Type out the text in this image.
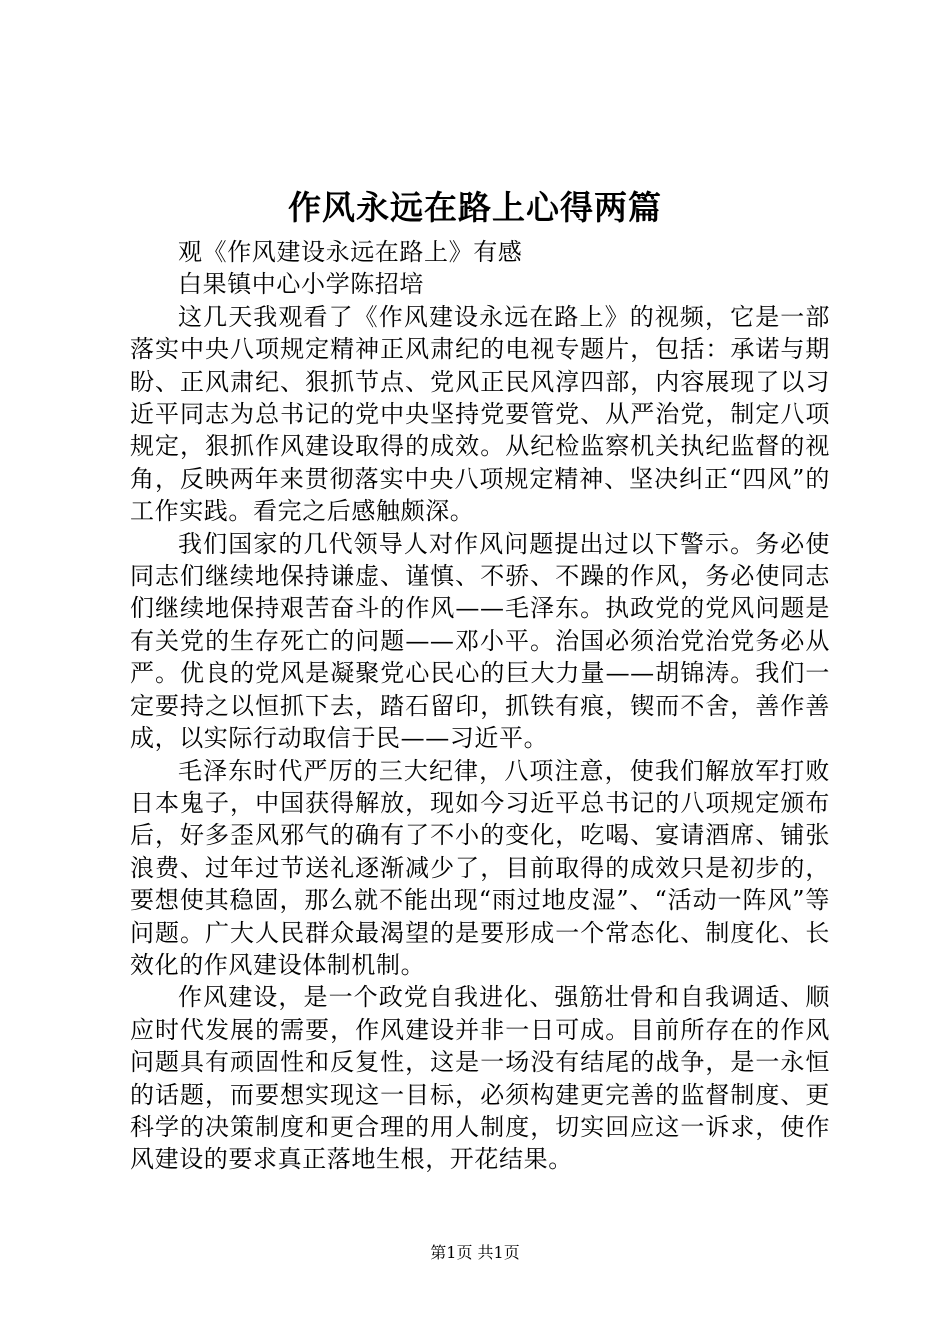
作风永远在路上心得两篇

观《作风建设永远在路上》有感

白果镇中心小学陈招培

这几天我观看了《作风建设永远在路上》的视频，它是一部落实中央八项规定精神正风肃纪的电视专题片，包括：承诺与期盼、正风肃纪、狠抓节点、党风正民风淳四部，内容展现了以习近平同志为总书记的党中央坚持党要管党、从严治党，制定八项规定，狠抓作风建设取得的成效。从纪检监察机关执纪监督的视角，反映两年来贯彻落实中央八项规定精神、坚决纠正“四风”的工作实践。看完之后感触颇深。

我们国家的几代领导人对作风问题提出过以下警示。务必使同志们继续地保持谦虚、谨慎、不骄、不躁的作风，务必使同志们继续地保持艰苦奋斗的作风——毛泽东。执政党的党风问题是有关党的生存死亡的问题——邓小平。治国必须治党治党务必从严。优良的党风是凝聚党心民心的巨大力量——胡锦涛。我们一定要持之以恒抓下去，踏石留印，抓铁有痕，锲而不舍，善作善成，以实际行动取信于民——习近平。

毛泽东时代严厉的三大纪律，八项注意，使我们解放军打败日本鬼子，中国获得解放，现如今习近平总书记的八项规定颁布后，好多歪风邪气的确有了不小的变化，吃喝、宴请酒席、铺张浪费、过年过节送礼逐渐减少了，目前取得的成效只是初步的，要想使其稳固，那么就不能出现“雨过地皮湿”、“活动一阵风”等问题。广大人民群众最渴望的是要形成一个常态化、制度化、长效化的作风建设体制机制。

作风建设，是一个政党自我进化、强筋壮骨和自我调适、顺应时代发展的需要，作风建设并非一日可成。目前所存在的作风问题具有顽固性和反复性，这是一场没有结尾的战争，是一永恒的话题，而要想实现这一目标，必须构建更完善的监督制度、更科学的决策制度和更合理的用人制度，切实回应这一诉求，使作风建设的要求真正落地生根，开花结果。

第1页 共1页
